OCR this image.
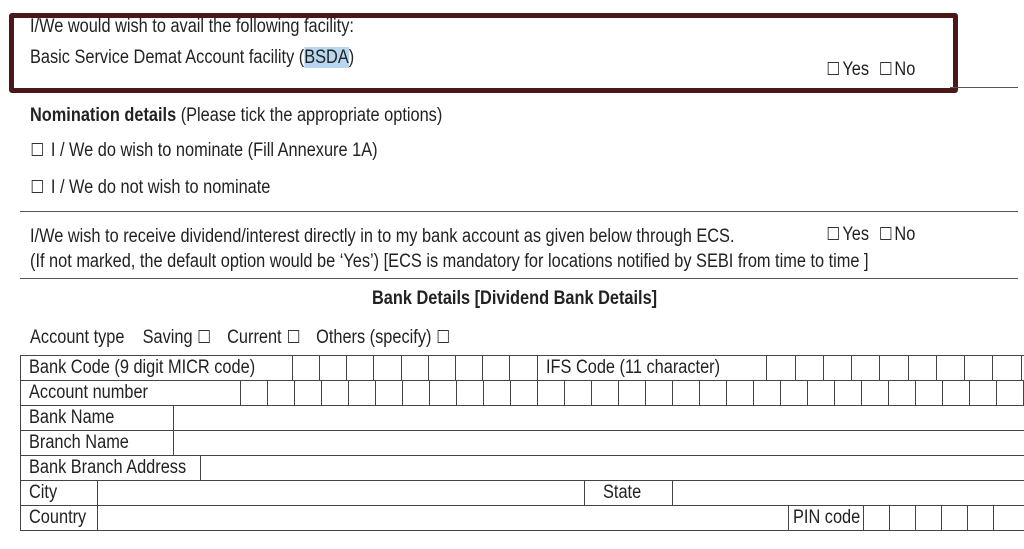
I/We would wish to avail the following facility:
Basic Service Demat Account facility (BSDA)
Yes No
Nomination details (Please tick the appropriate options)
I / We do wish to nominate (Fill Annexure 1A)
I / We do not wish to nominate
I/We wish to receive dividend/interest directly in to my bank account as given below through ECS.	Yes No
(If not marked, the default option would be ‘Yes’) [ECS is mandatory for locations notified by SEBI from time to time ]
Bank Details [Dividend Bank Details]
Account type Saving Current Others (specify)
Bank Code (9 digit MICR code)										IFS Code (11 character)											
Account number																					

Bank Name																					

Branch Name																					

Bank Branch Address																					

City State																					

Country PIN code																					
